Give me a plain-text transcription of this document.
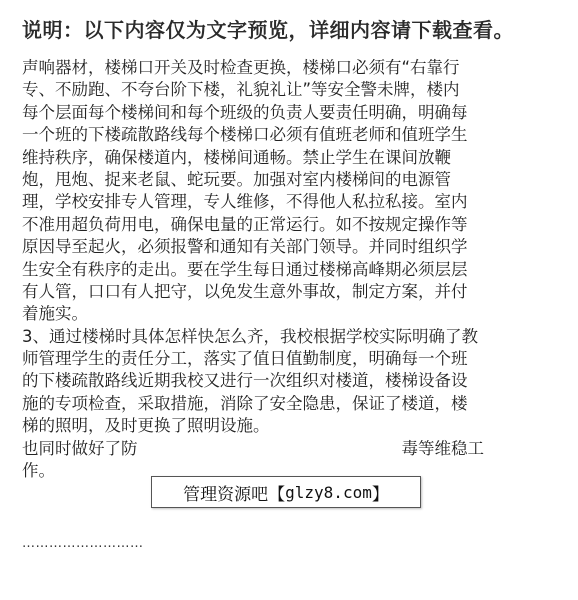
说明：以下内容仅为文字预览，详细内容请下载查看。
声响器材，楼梯口开关及时检查更换，楼梯口必须有“右靠行
专、不励跑、不夸台阶下楼，礼貌礼让”等安全警未牌，楼内
每个层面每个楼梯间和每个班级的负责人要责任明确，明确每
一个班的下楼疏散路线每个楼梯口必须有值班老师和值班学生
维持秩序，确保楼道内，楼梯间通畅。禁止学生在课间放鞭
炮，甩炮、捉来老鼠、蛇玩要。加强对室内楼梯间的电源管
理，学校安排专人管理，专人维修，不得他人私拉私接。室内
不准用超负荷用电，确保电量的正常运行。如不按规定操作等
原因导至起火，必须报警和通知有关部门领导。并同时组织学
生安全有秩序的走出。要在学生每日通过楼梯高峰期必须层层
有人管，口口有人把守，以免发生意外事故，制定方案，并付
着施实。
3、通过楼梯时具体怎样快怎么齐，我校根据学校实际明确了教
师管理学生的责任分工，落实了值日值勤制度，明确每一个班
的下楼疏散路线近期我校又进行一次组织对楼道，楼梯设备设
施的专项检查，采取措施，消除了安全隐患，保证了楼道，楼
梯的照明，及时更换了照明设施。
也同时做好了防	毒等维稳工
作。
………………………
管理资源吧【 glzy8.com 】
